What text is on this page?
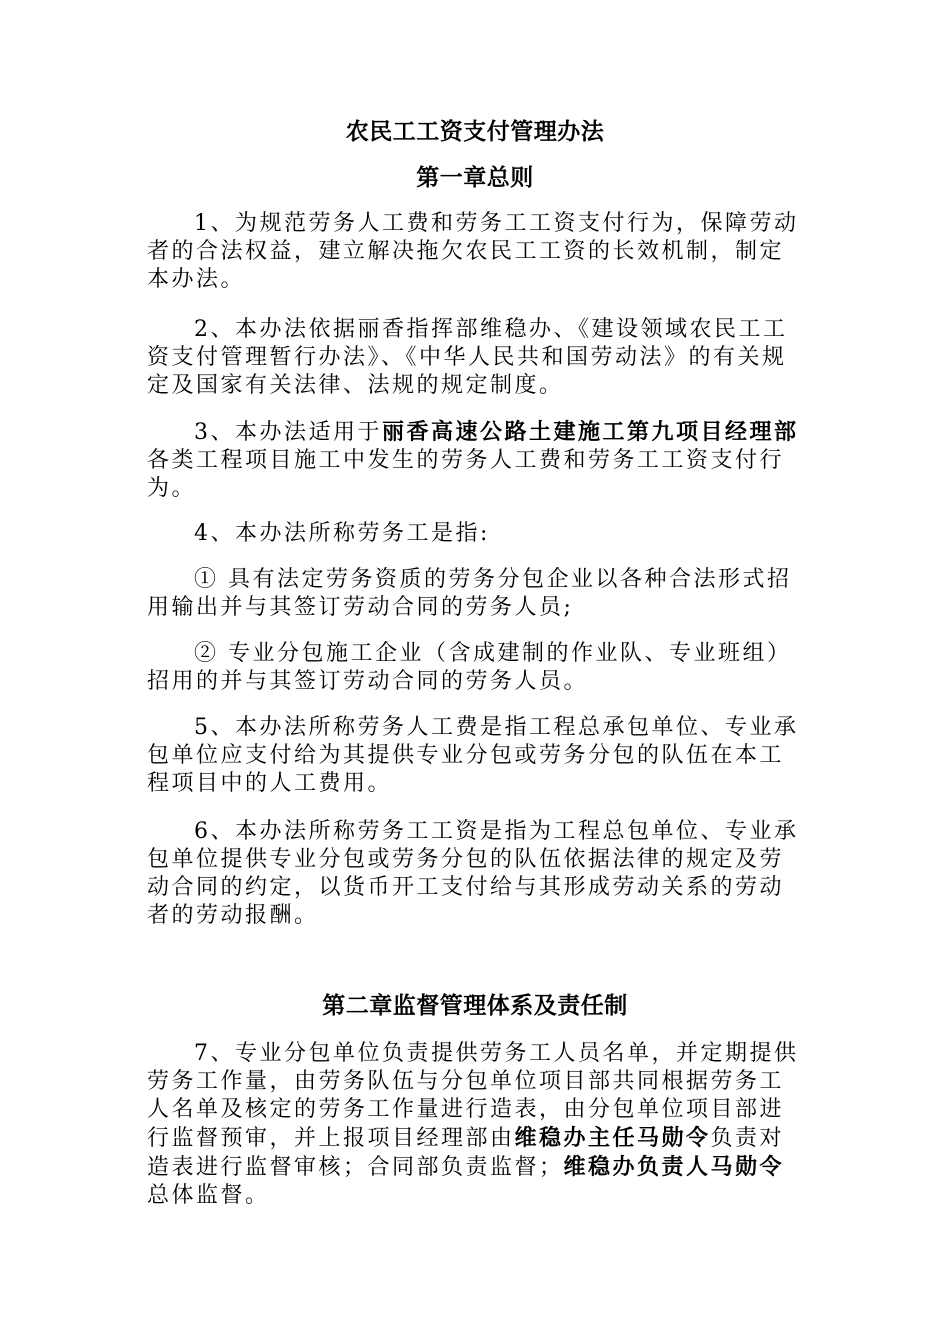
农民工工资支付管理办法
第一章总则

1、为规范劳务人工费和劳务工工资支付行为，保障劳动者的合法权益，建立解决拖欠农民工工资的长效机制，制定本办法。

2、本办法依据丽香指挥部维稳办、《建设领域农民工工资支付管理暂行办法》、《中华人民共和国劳动法》的有关规定及国家有关法律、法规的规定制度。

3、本办法适用于丽香高速公路土建施工第九项目经理部各类工程项目施工中发生的劳务人工费和劳务工工资支付行为。

4、本办法所称劳务工是指:

① 具有法定劳务资质的劳务分包企业以各种合法形式招用输出并与其签订劳动合同的劳务人员;

② 专业分包施工企业（含成建制的作业队、专业班组）招用的并与其签订劳动合同的劳务人员。

5、本办法所称劳务人工费是指工程总承包单位、专业承包单位应支付给为其提供专业分包或劳务分包的队伍在本工程项目中的人工费用。

6、本办法所称劳务工工资是指为工程总包单位、专业承包单位提供专业分包或劳务分包的队伍依据法律的规定及劳动合同的约定，以货币开工支付给与其形成劳动关系的劳动者的劳动报酬。

第二章监督管理体系及责任制

7、专业分包单位负责提供劳务工人员名单，并定期提供劳务工作量，由劳务队伍与分包单位项目部共同根据劳务工人名单及核定的劳务工作量进行造表，由分包单位项目部进行监督预审，并上报项目经理部由维稳办主任马勋令负责对造表进行监督审核；合同部负责监督；维稳办负责人马勋令总体监督。
